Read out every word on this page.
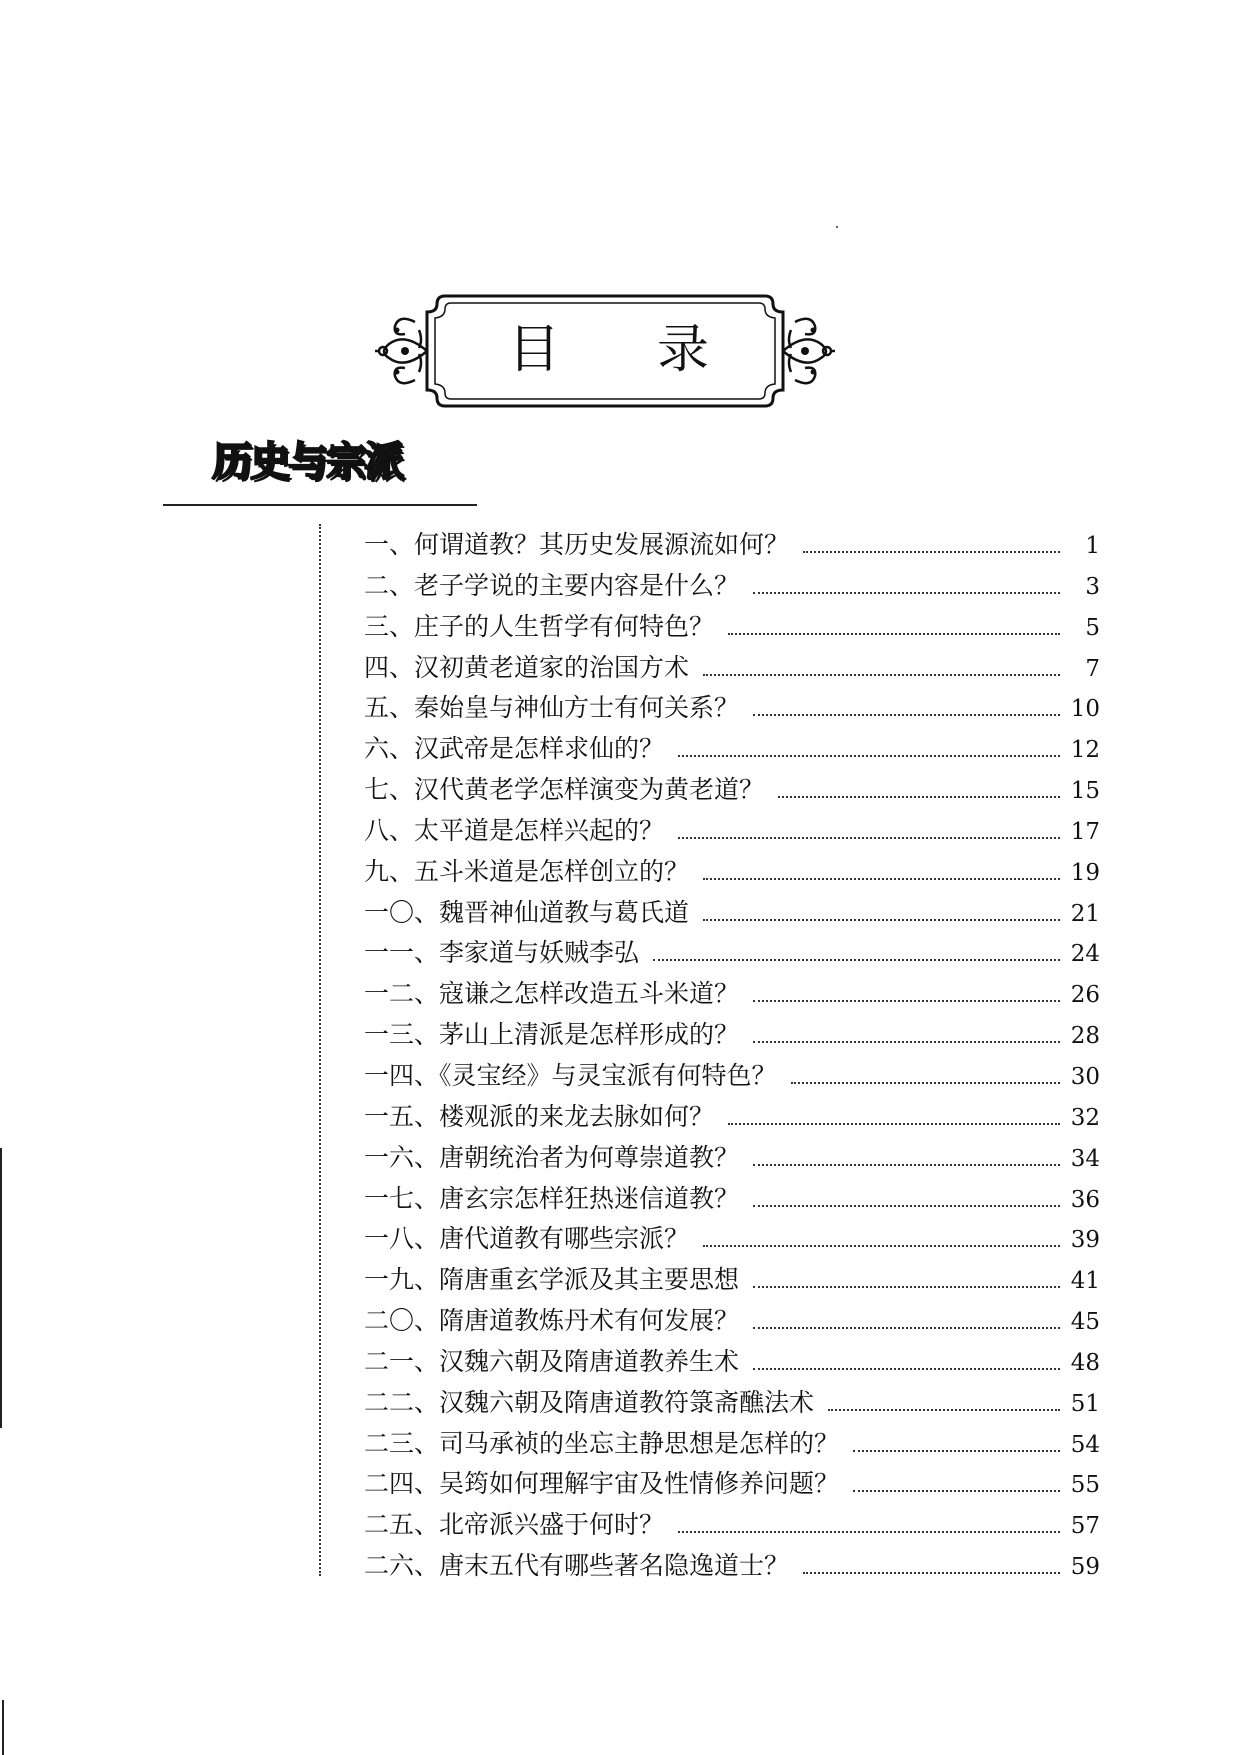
目 录
历史与宗派
一、何谓道教？其历史发展源流如何？	1
二、老子学说的主要内容是什么？	3
三、庄子的人生哲学有何特色？	5
四、汉初黄老道家的治国方术	7
五、秦始皇与神仙方士有何关系？	10
六、汉武帝是怎样求仙的？	12
七、汉代黄老学怎样演变为黄老道？	15
八、太平道是怎样兴起的？	17
九、五斗米道是怎样创立的？	19
一〇、魏晋神仙道教与葛氏道	21
一一、李家道与妖贼李弘	24
一二、寇谦之怎样改造五斗米道？	26
一三、茅山上清派是怎样形成的？	28
一四、《灵宝经》与灵宝派有何特色？	30
一五、楼观派的来龙去脉如何？	32
一六、唐朝统治者为何尊崇道教？	34
一七、唐玄宗怎样狂热迷信道教？	36
一八、唐代道教有哪些宗派？	39
一九、隋唐重玄学派及其主要思想	41
二〇、隋唐道教炼丹术有何发展？	45
二一、汉魏六朝及隋唐道教养生术	48
二二、汉魏六朝及隋唐道教符箓斋醮法术	51
二三、司马承祯的坐忘主静思想是怎样的？	54
二四、吴筠如何理解宇宙及性情修养问题？	55
二五、北帝派兴盛于何时？	57
二六、唐末五代有哪些著名隐逸道士？	59
